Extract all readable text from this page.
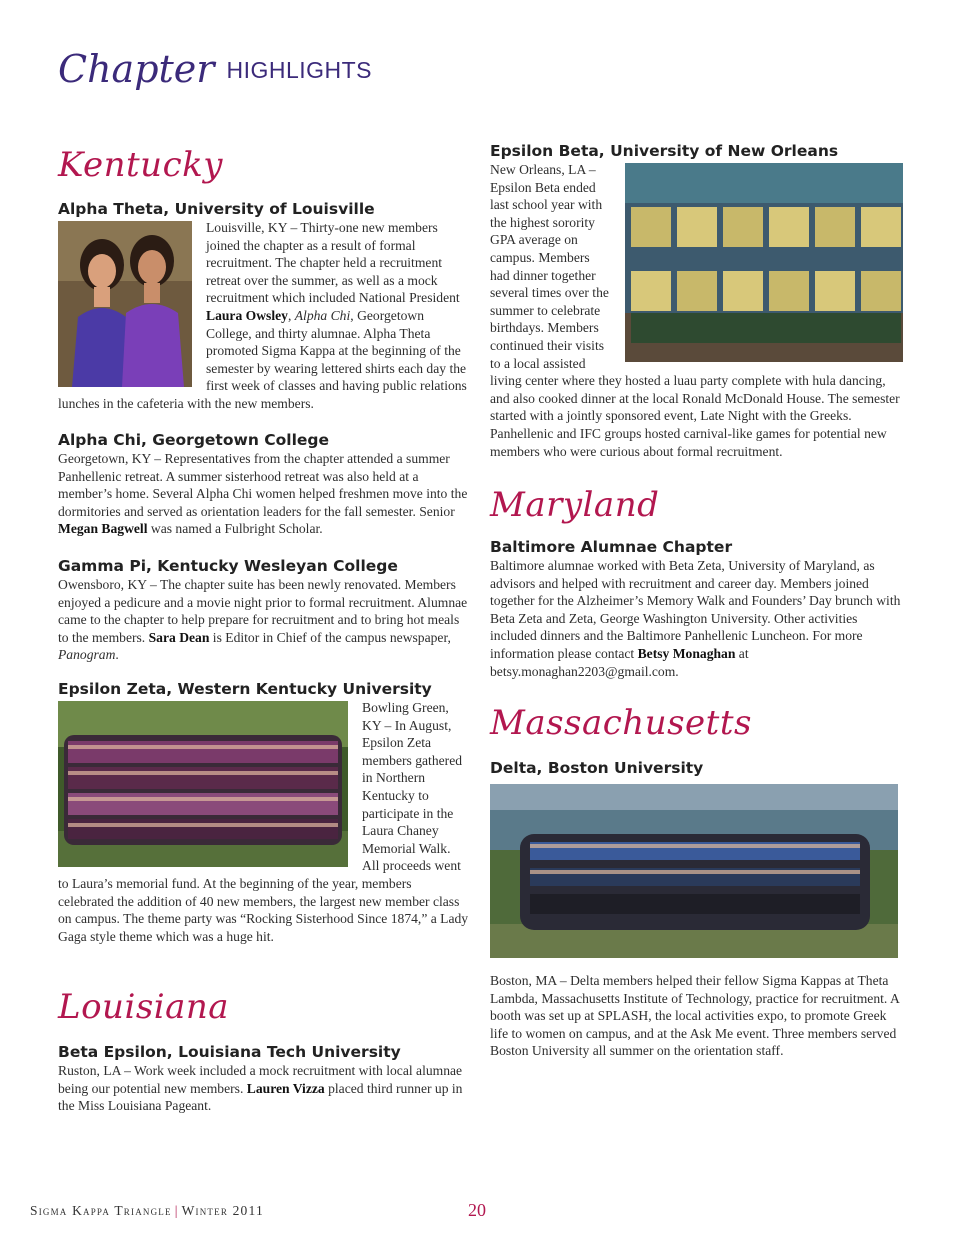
Chapter HIGHLIGHTS
Kentucky
Alpha Theta, University of Louisville

Louisville, KY – Thirty-one new members joined the chapter as a result of formal recruitment. The chapter held a recruitment retreat over the summer, as well as a mock recruitment which included National President Laura Owsley, Alpha Chi, Georgetown College, and thirty alumnae. Alpha Theta promoted Sigma Kappa at the beginning of the semester by wearing lettered shirts each day the first week of classes and having public relations lunches in the cafeteria with the new members.

Alpha Chi, Georgetown College

Georgetown, KY – Representatives from the chapter attended a summer Panhellenic retreat. A summer sisterhood retreat was also held at a member’s home. Several Alpha Chi women helped freshmen move into the dormitories and served as orientation leaders for the fall semester. Senior Megan Bagwell was named a Fulbright Scholar.

Gamma Pi, Kentucky Wesleyan College

Owensboro, KY – The chapter suite has been newly renovated. Members enjoyed a pedicure and a movie night prior to formal recruitment. Alumnae came to the chapter to help prepare for recruitment and to bring hot meals to the members. Sara Dean is Editor in Chief of the campus newspaper, Panogram.

Epsilon Zeta, Western Kentucky University

Bowling Green, KY – In August, Epsilon Zeta members gathered in Northern Kentucky to participate in the Laura Chaney Memorial Walk. All proceeds went to Laura’s memorial fund. At the beginning of the year, members celebrated the addition of 40 new members, the largest new member class on campus. The theme party was “Rocking Sisterhood Since 1874,” a Lady Gaga style theme which was a huge hit.

Louisiana
Beta Epsilon, Louisiana Tech University

Ruston, LA – Work week included a mock recruitment with local alumnae being our potential new members. Lauren Vizza placed third runner up in the Miss Louisiana Pageant.

Epsilon Beta, University of New Orleans

New Orleans, LA – Epsilon Beta ended last school year with the highest sorority GPA average on campus. Members had dinner together several times over the summer to celebrate birthdays. Members continued their visits to a local assisted living center where they hosted a luau party complete with hula dancing, and also cooked dinner at the local Ronald McDonald House. The semester started with a jointly sponsored event, Late Night with the Greeks. Panhellenic and IFC groups hosted carnival-like games for potential new members who were curious about formal recruitment.

Maryland
Baltimore Alumnae Chapter

Baltimore alumnae worked with Beta Zeta, University of Maryland, as advisors and helped with recruitment and career day. Members joined together for the Alzheimer’s Memory Walk and Founders’ Day brunch with Beta Zeta and Zeta, George Washington University. Other activities included dinners and the Baltimore Panhellenic Luncheon. For more information please contact Betsy Monaghan at betsy.monaghan2203@gmail.com.

Massachusetts
Delta, Boston University

Boston, MA – Delta members helped their fellow Sigma Kappas at Theta Lambda, Massachusetts Institute of Technology, practice for recruitment. A booth was set up at SPLASH, the local activities expo, to promote Greek life to women on campus, and at the Ask Me event. Three members served Boston University all summer on the orientation staff.

Sigma Kappa Triangle | Winter 2011	20
